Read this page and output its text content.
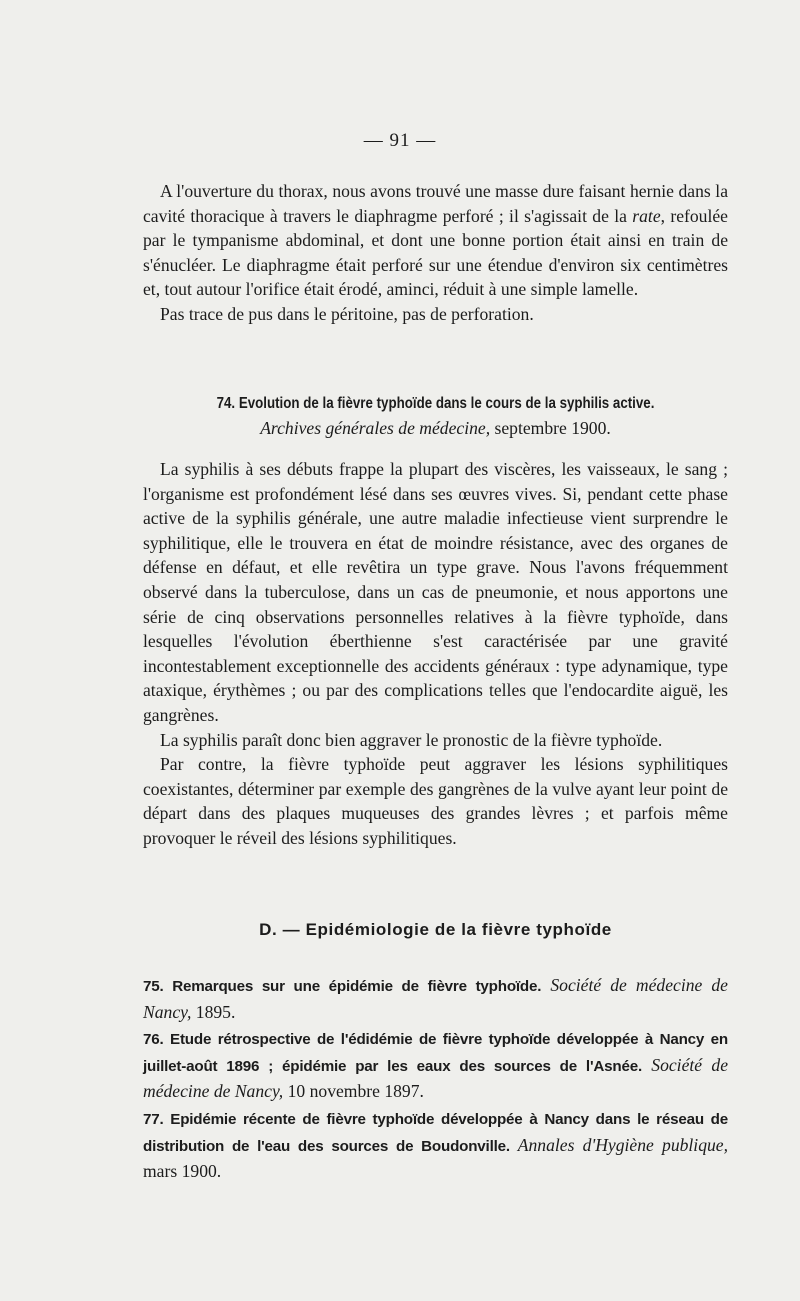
— 91 —

A l'ouverture du thorax, nous avons trouvé une masse dure faisant hernie dans la cavité thoracique à travers le diaphragme perforé ; il s'agissait de la rate, refoulée par le tympanisme abdominal, et dont une bonne portion était ainsi en train de s'énucléer. Le diaphragme était perforé sur une étendue d'environ six centimètres et, tout autour l'orifice était érodé, aminci, réduit à une simple lamelle.

Pas trace de pus dans le péritoine, pas de perforation.

74. Evolution de la fièvre typhoïde dans le cours de la syphilis active.
Archives générales de médecine, septembre 1900.

La syphilis à ses débuts frappe la plupart des viscères, les vaisseaux, le sang ; l'organisme est profondément lésé dans ses œuvres vives. Si, pendant cette phase active de la syphilis générale, une autre maladie infectieuse vient surprendre le syphilitique, elle le trouvera en état de moindre résistance, avec des organes de défense en défaut, et elle revêtira un type grave. Nous l'avons fréquemment observé dans la tuberculose, dans un cas de pneumonie, et nous apportons une série de cinq observations personnelles relatives à la fièvre typhoïde, dans lesquelles l'évolution éberthienne s'est caractérisée par une gravité incontestablement exceptionnelle des accidents généraux : type adynamique, type ataxique, érythèmes ; ou par des complications telles que l'endocardite aiguë, les gangrènes.

La syphilis paraît donc bien aggraver le pronostic de la fièvre typhoïde.

Par contre, la fièvre typhoïde peut aggraver les lésions syphilitiques coexistantes, déterminer par exemple des gangrènes de la vulve ayant leur point de départ dans des plaques muqueuses des grandes lèvres ; et parfois même provoquer le réveil des lésions syphilitiques.

D. — Epidémiologie de la fièvre typhoïde

75. Remarques sur une épidémie de fièvre typhoïde. Société de médecine de Nancy, 1895.

76. Etude rétrospective de l'édidémie de fièvre typhoïde développée à Nancy en juillet-août 1896 ; épidémie par les eaux des sources de l'Asnée. Société de médecine de Nancy, 10 novembre 1897.

77. Epidémie récente de fièvre typhoïde développée à Nancy dans le réseau de distribution de l'eau des sources de Boudonville. Annales d'Hygiène publique, mars 1900.
